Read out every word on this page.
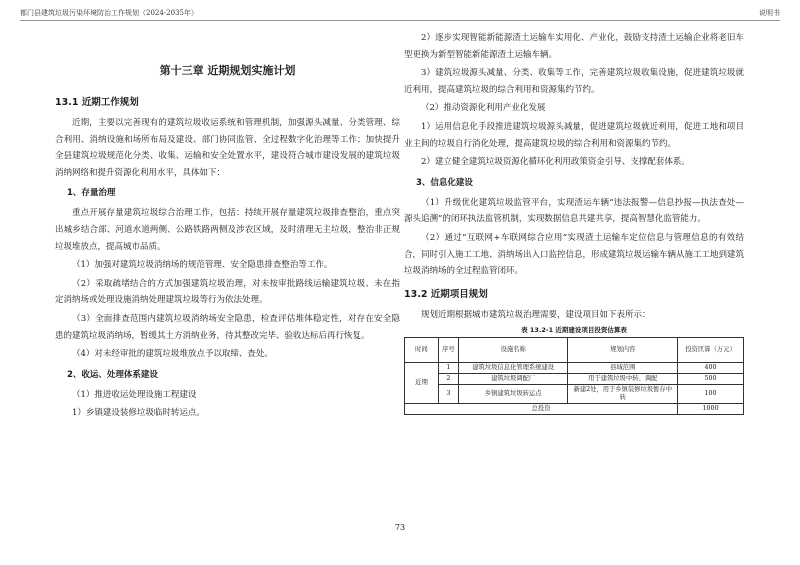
都门县建筑垃圾污染环境防治工作规划（2024-2035年）	说明书
第十三章 近期规划实施计划
13.1 近期工作规划

近期，主要以完善现有的建筑垃圾收运系统和管理机制，加强源头减量、分类管理、综合利用、消纳设施和场所布局及建设、部门协同监管、全过程数字化治理等工作；加快提升全县建筑垃圾规范化分类、收集、运输和安全处置水平，建设符合城市建设发展的建筑垃圾消纳网络和提升资源化利用水平，具体如下：

1、存量治理

重点开展存量建筑垃圾综合治理工作，包括：持续开展存量建筑垃圾排查整治，重点突出城乡结合部、河道水道两侧、公路铁路两侧及涉农区域，及时清理无主垃圾，整治非正规垃圾堆放点，提高城市品质。

（1）加强对建筑垃圾消纳场的规范管理、安全隐患排查整治等工作。

（2）采取疏堵结合的方式加强建筑垃圾治理，对未按审批路线运输建筑垃圾、未在指定消纳场或处理设施消纳处理建筑垃圾等行为依法处理。

（3）全面排查范围内建筑垃圾消纳场安全隐患，检查评估堆体稳定性，对存在安全隐患的建筑垃圾消纳场，暂缓其土方消纳业务，待其整改完毕、验收达标后再行恢复。

（4）对未经审批的建筑垃圾堆放点予以取缔、查处。

2、收运、处理体系建设

（1）推进收运处理设施工程建设

1）乡镇建设装修垃圾临时转运点。

2）逐步实现智能新能源渣土运输车实用化、产业化，鼓励支持渣土运输企业将老旧车型更换为新型智能新能源渣土运输车辆。

3）建筑垃圾源头减量、分类、收集等工作，完善建筑垃圾收集设施，促进建筑垃圾就近利用，提高建筑垃圾的综合利用和资源集约节约。

（2）推动资源化利用产业化发展

1）运用信息化手段推进建筑垃圾源头减量，促进建筑垃圾就近利用，促进工地和项目业主间的垃圾自行消化处理，提高建筑垃圾的综合利用和资源集约节约。

2）建立健全建筑垃圾资源化循环化利用政策资金引导、支撑配套体系。

3、信息化建设

（1）升级优化建筑垃圾监管平台，实现渣运车辆“违法报警—信息抄报—执法查处—源头追溯”的闭环执法监管机制，实现数据信息共建共享，提高智慧化监管能力。

（2）通过“互联网+车联网综合应用”实现渣土运输车定位信息与管理信息的有效结合，同时引入施工工地、消纳场出入口监控信息，形成建筑垃圾运输车辆从施工工地到建筑垃圾消纳场的全过程监管闭环。

13.2 近期项目规划

规划近期根据城市建筑垃圾治理需要，建设项目如下表所示：

表 13.2-1 近期建设项目投资估算表
时间	序号	设施名称	规划内容	投资匡算（万元）
近期	1	建筑垃圾信息化管理系统建设	县域范围	400
	2	建筑垃圾调配厂	用于建筑垃圾中转、调配	500
	3	乡镇建筑垃圾转运点	新建2处，用于乡镇装修垃圾暂存中转	100
总投资				1000
73
